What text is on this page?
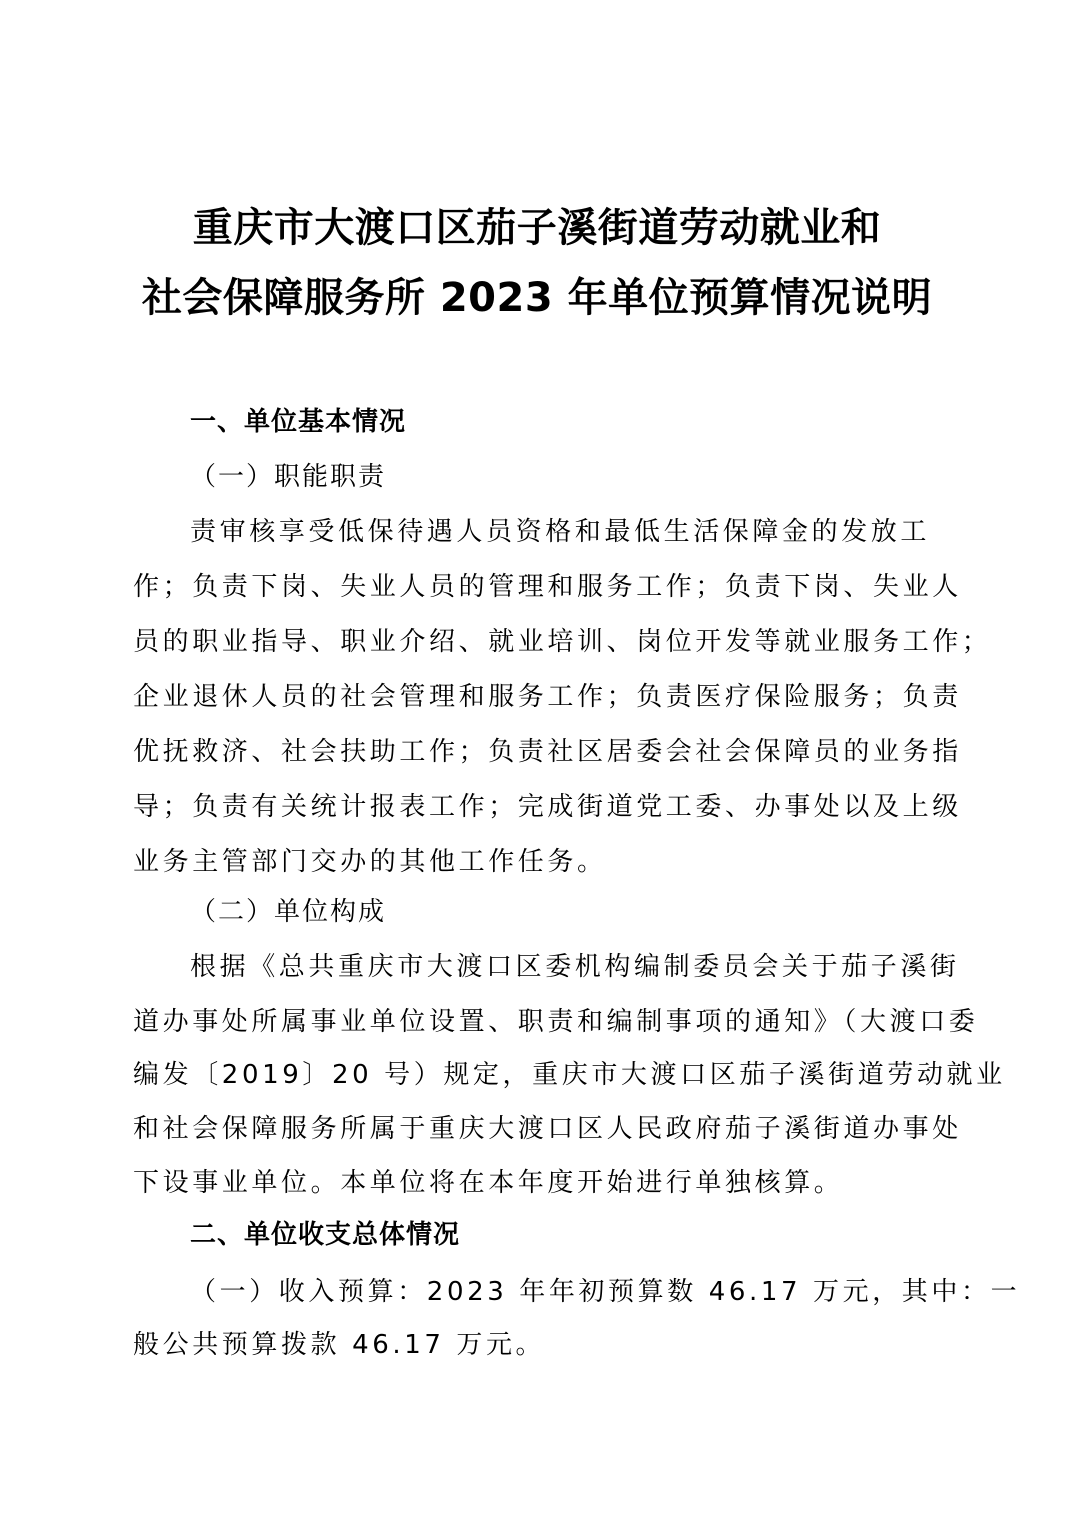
重庆市大渡口区茄子溪街道劳动就业和
社会保障服务所 2023 年单位预算情况说明
一、单位基本情况
（一）职能职责
责审核享受低保待遇人员资格和最低生活保障金的发放工
作；负责下岗、失业人员的管理和服务工作；负责下岗、失业人
员的职业指导、职业介绍、就业培训、岗位开发等就业服务工作；
企业退休人员的社会管理和服务工作；负责医疗保险服务；负责
优抚救济、社会扶助工作；负责社区居委会社会保障员的业务指
导；负责有关统计报表工作；完成街道党工委、办事处以及上级
业务主管部门交办的其他工作任务。
（二）单位构成
根据《总共重庆市大渡口区委机构编制委员会关于茄子溪街
道办事处所属事业单位设置、职责和编制事项的通知》（大渡口委
编发〔2019〕20 号）规定，重庆市大渡口区茄子溪街道劳动就业
和社会保障服务所属于重庆大渡口区人民政府茄子溪街道办事处
下设事业单位。本单位将在本年度开始进行单独核算。
二、单位收支总体情况
（一）收入预算：2023 年年初预算数 46.17 万元，其中：一
般公共预算拨款 46.17 万元。
